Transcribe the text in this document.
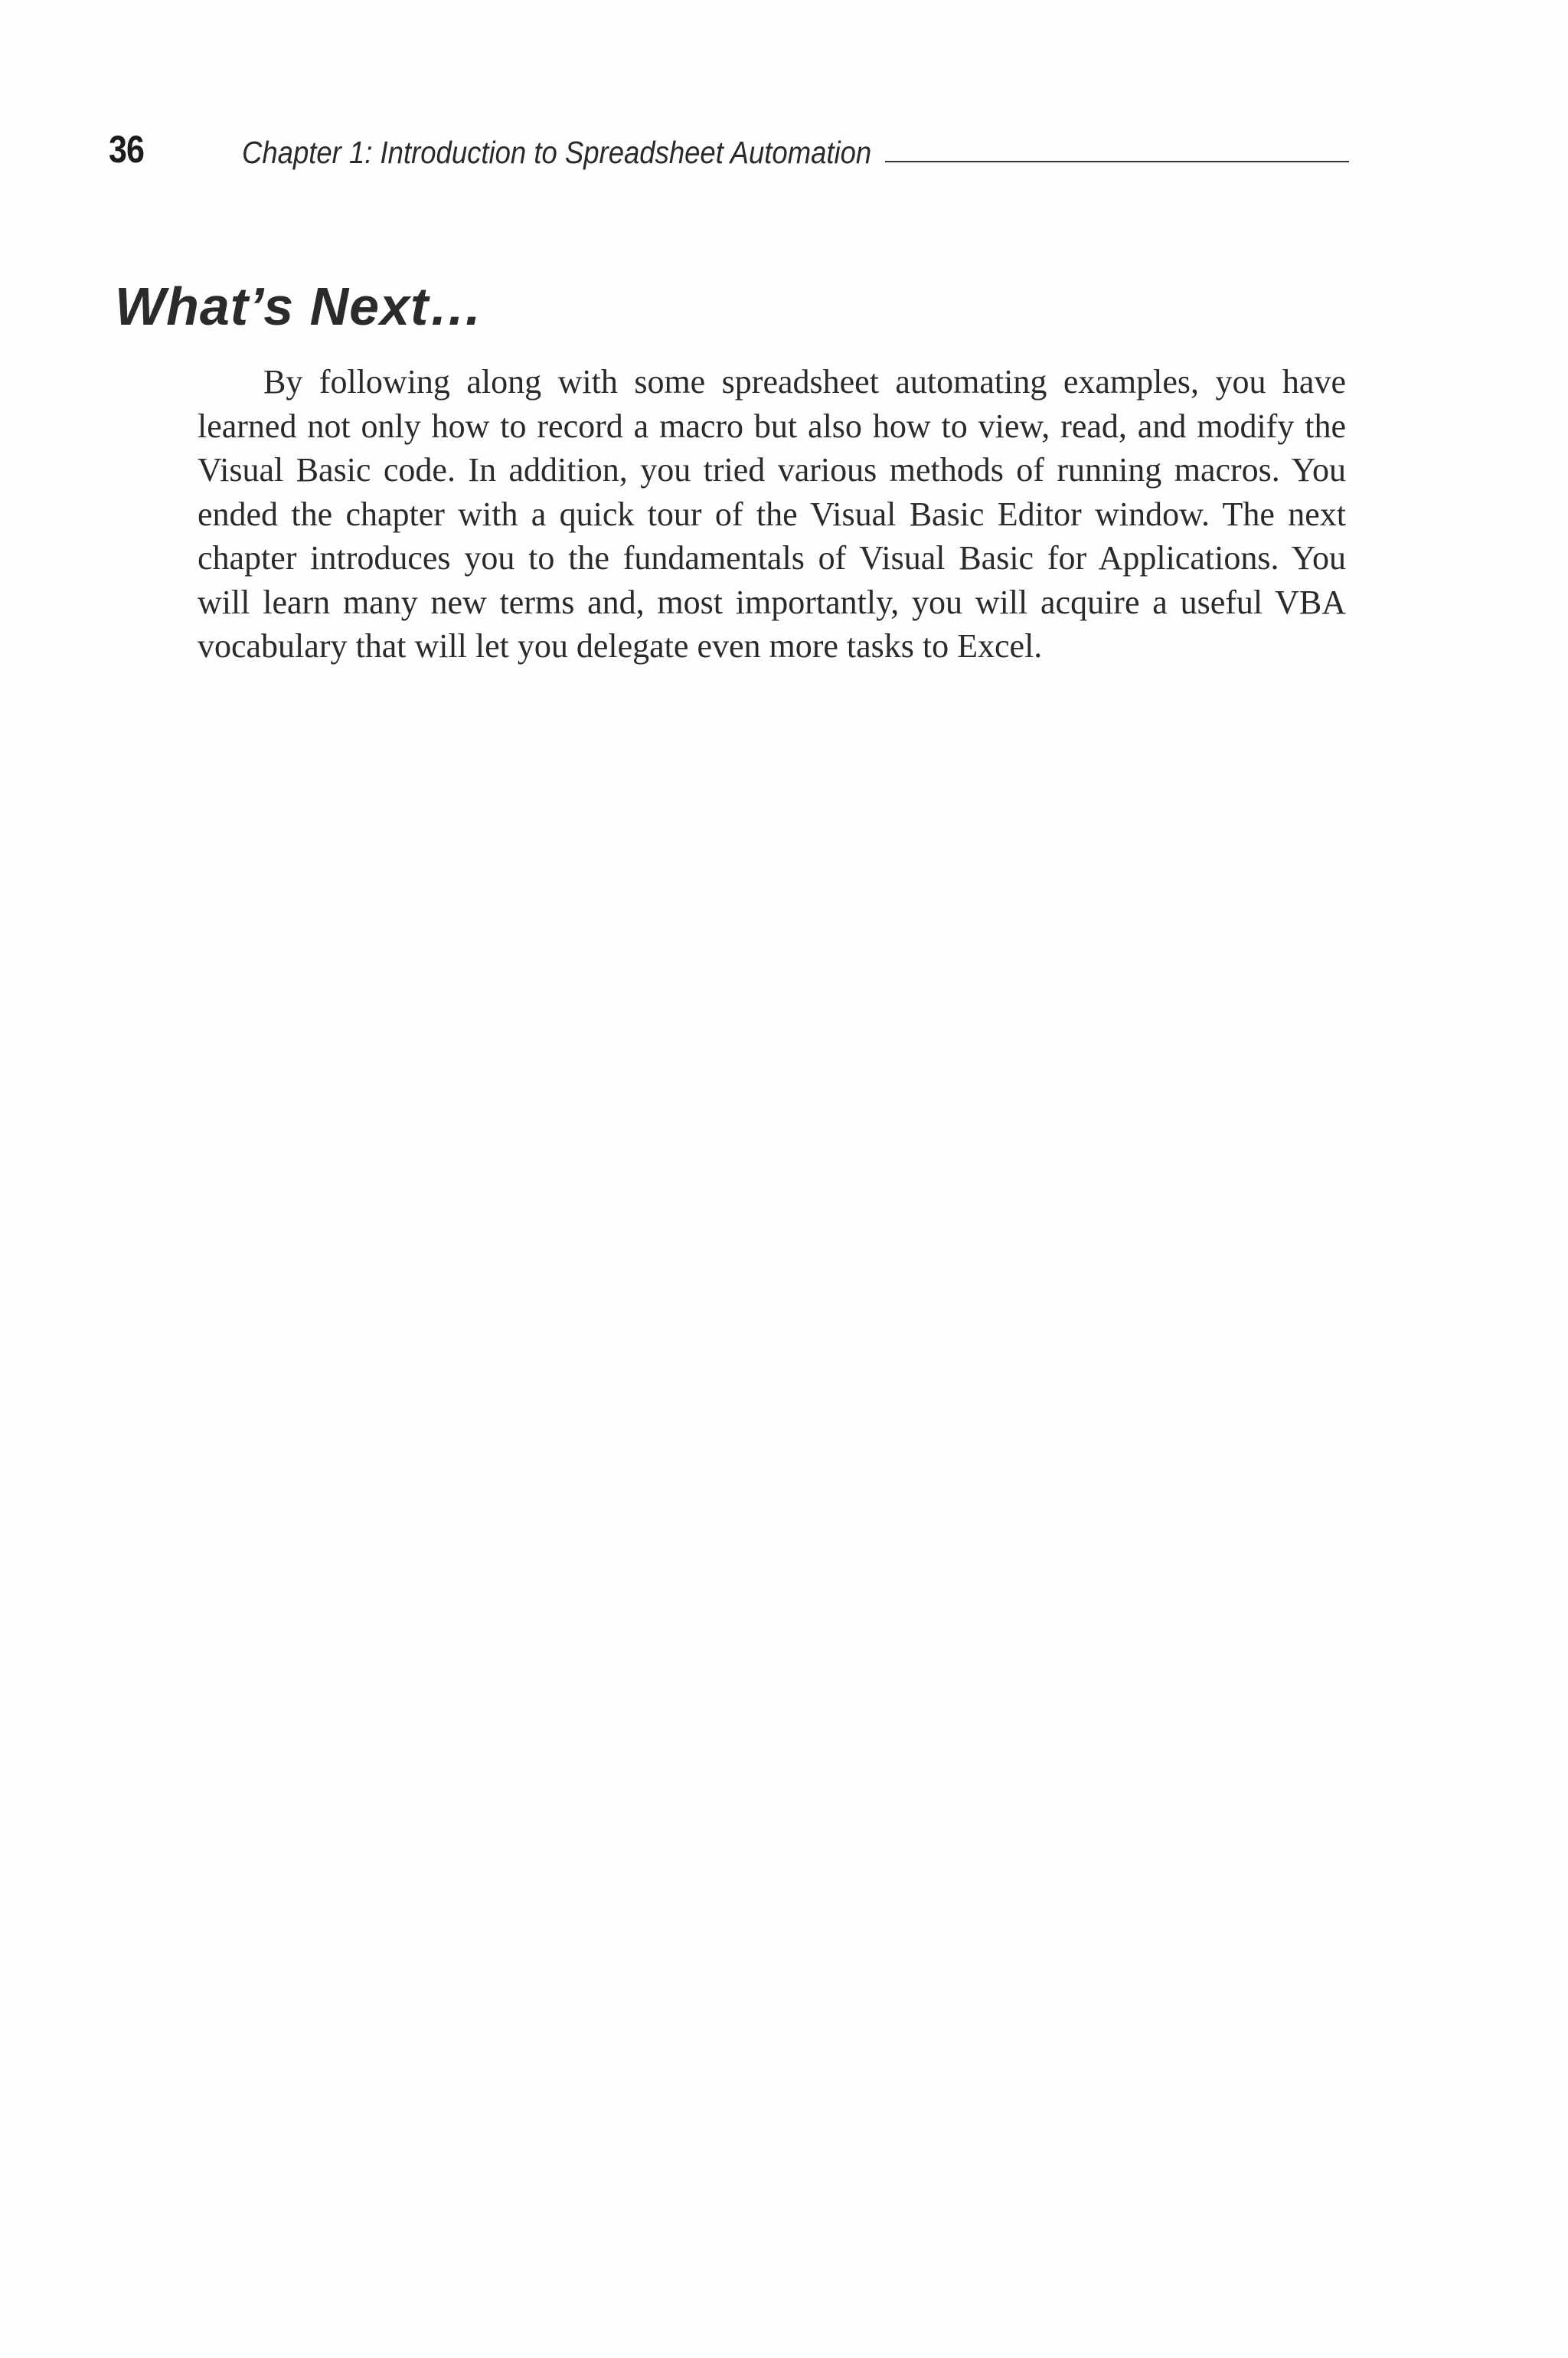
36	Chapter 1: Introduction to Spreadsheet Automation
What’s Next…

By following along with some spreadsheet automating examples, you have learned not only how to record a macro but also how to view, read, and modify the Visual Basic code. In addition, you tried various methods of running macros. You ended the chapter with a quick tour of the Visual Basic Editor window. The next chapter introduces you to the fundamentals of Visual Basic for Applications. You will learn many new terms and, most importantly, you will acquire a useful VBA vocabulary that will let you delegate even more tasks to Excel.
